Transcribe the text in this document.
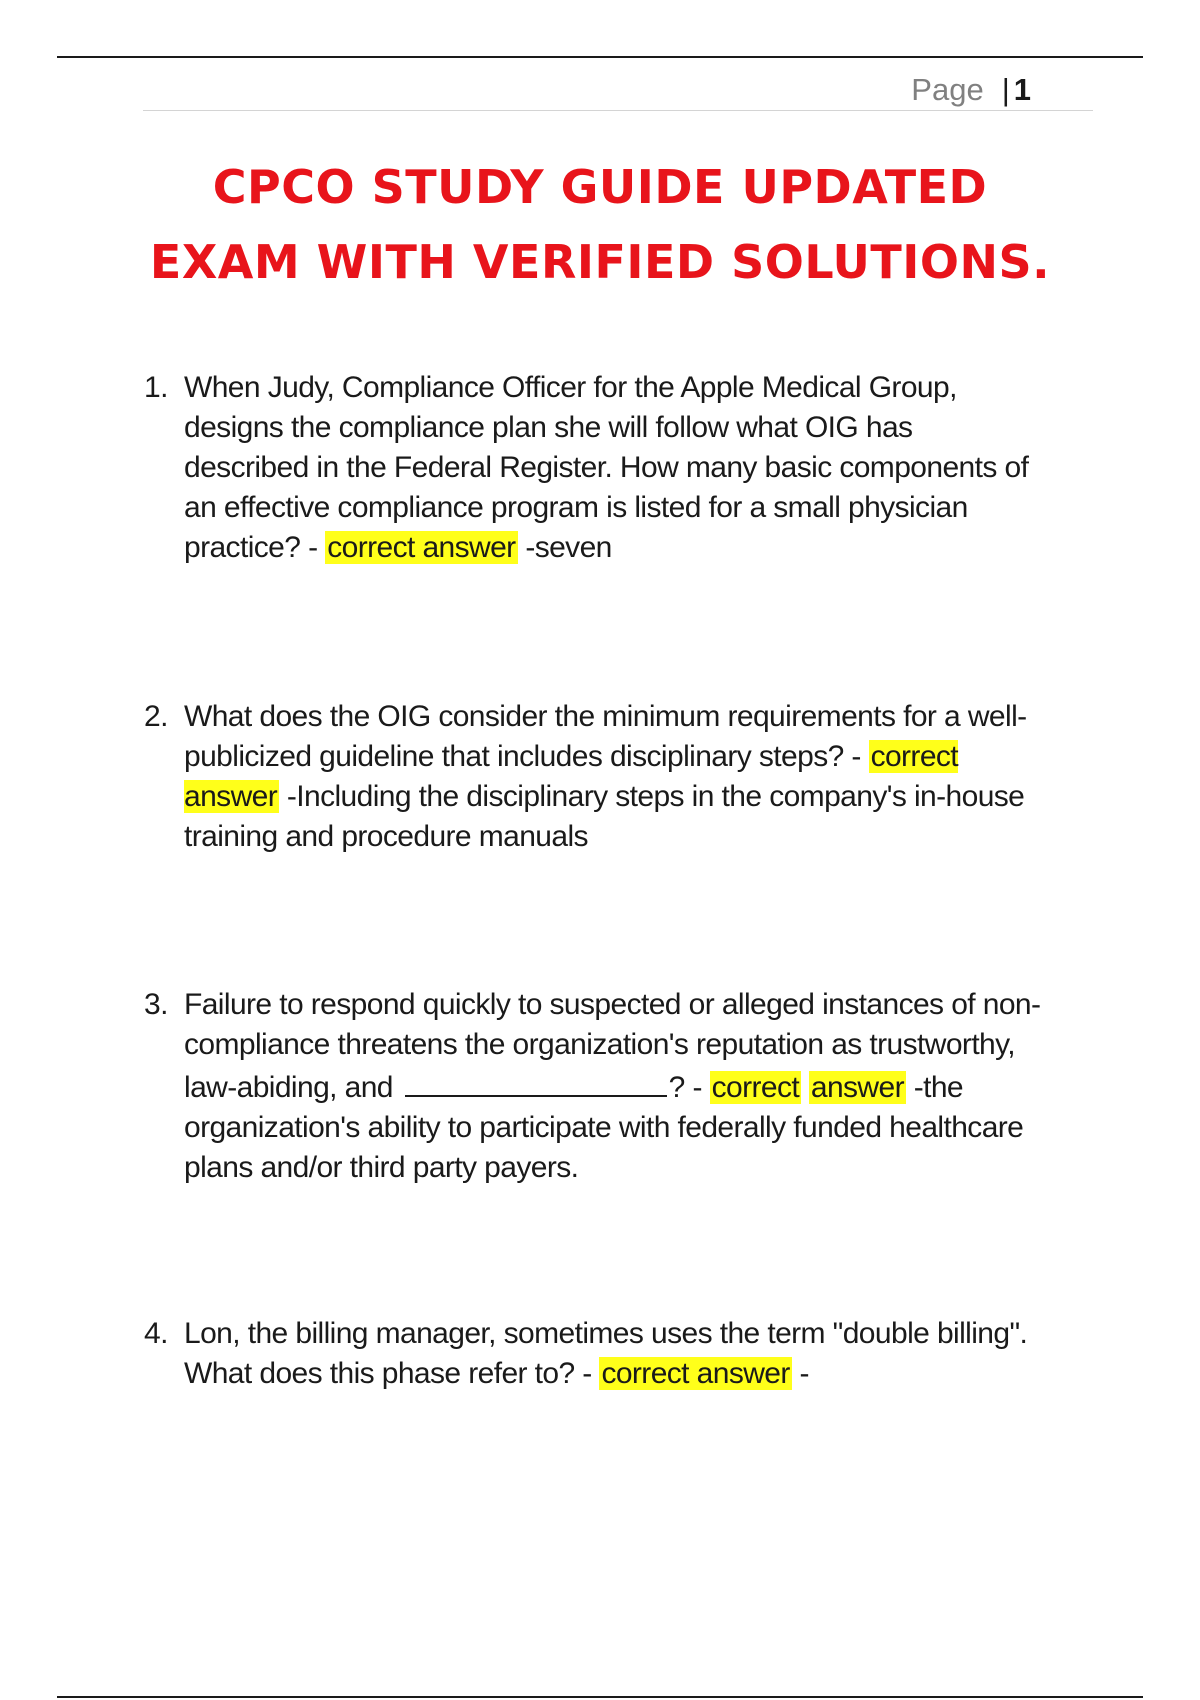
Page | 1
CPCO STUDY GUIDE UPDATED
EXAM WITH VERIFIED SOLUTIONS.
1. When Judy, Compliance Officer for the Apple Medical Group, designs the compliance plan she will follow what OIG has described in the Federal Register. How many basic components of an effective compliance program is listed for a small physician practice? - correct answer -seven
2. What does the OIG consider the minimum requirements for a well-publicized guideline that includes disciplinary steps? - correct answer -Including the disciplinary steps in the company's in-house training and procedure manuals
3. Failure to respond quickly to suspected or alleged instances of non-compliance threatens the organization's reputation as trustworthy, law-abiding, and	? - correct answer -the organization's ability to participate with federally funded healthcare plans and/or third party payers.
4. Lon, the billing manager, sometimes uses the term "double billing". What does this phase refer to? - correct answer -
